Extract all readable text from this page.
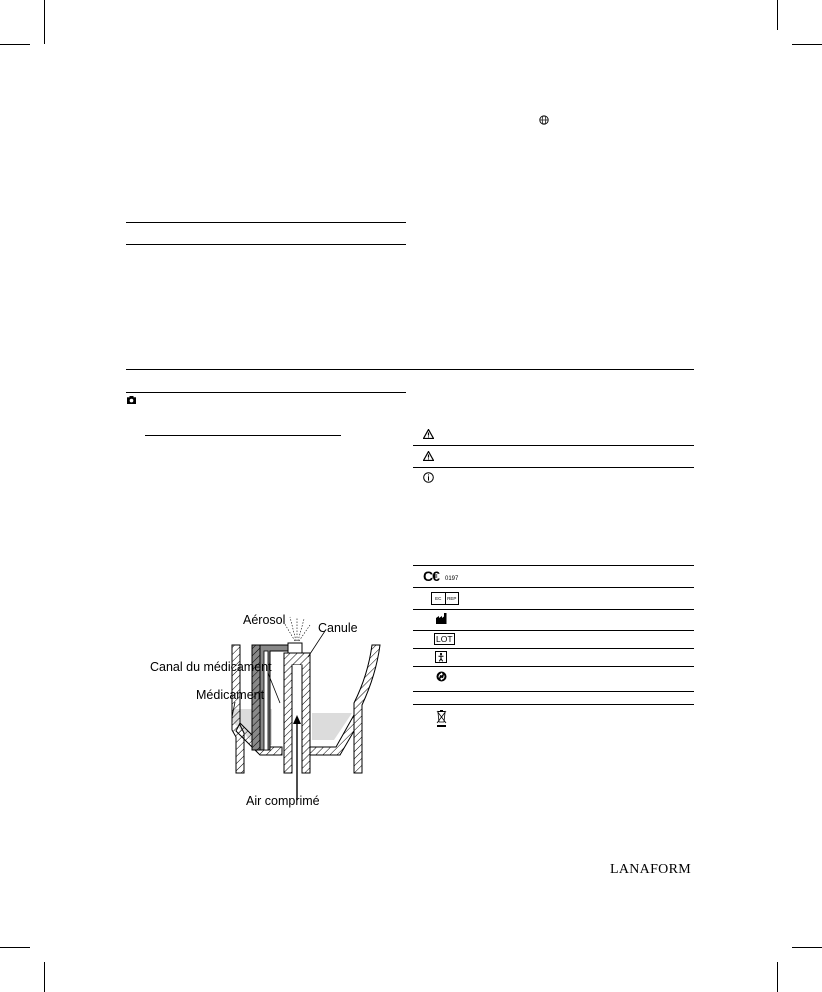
Aérosol
Canule
Canal du médicament
Médicament
Air comprimé
C€ 0197
EC	REP
LOT
LANAFORM
